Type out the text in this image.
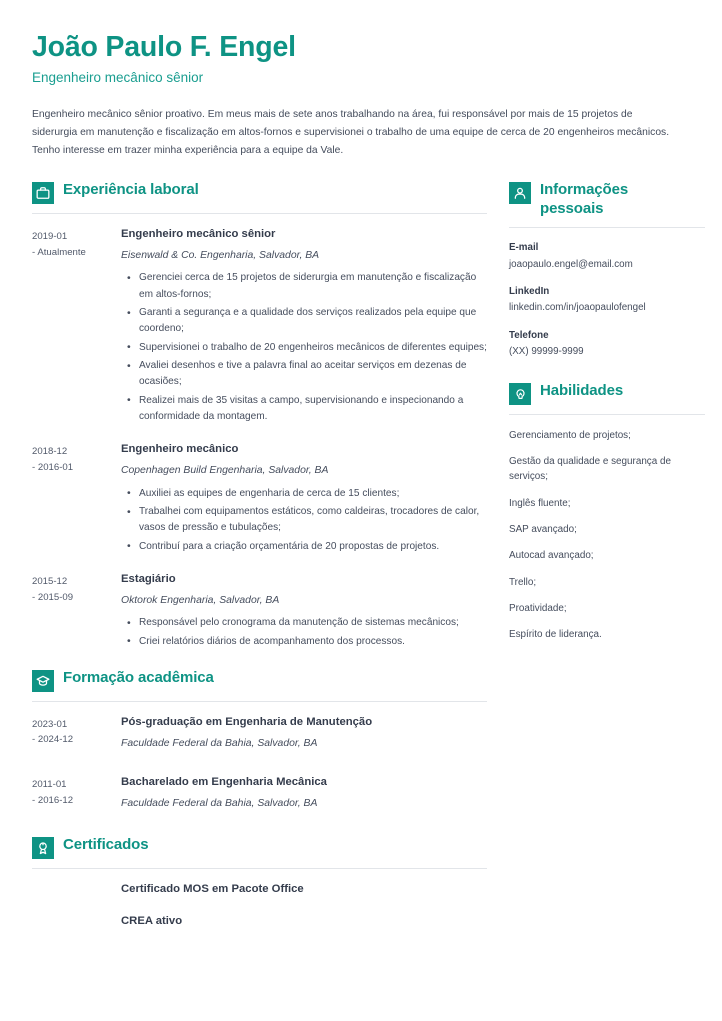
João Paulo F. Engel

Engenheiro mecânico sênior

Engenheiro mecânico sênior proativo. Em meus mais de sete anos trabalhando na área, fui responsável por mais de 15 projetos de siderurgia em manutenção e fiscalização em altos-fornos e supervisionei o trabalho de uma equipe de cerca de 20 engenheiros mecânicos. Tenho interesse em trazer minha experiência para a equipe da Vale.

Experiência laboral
2019-01
- Atualmente
Engenheiro mecânico sênior
Eisenwald & Co. Engenharia, Salvador, BA
• Gerenciei cerca de 15 projetos de siderurgia em manutenção e fiscalização em altos-fornos;
• Garanti a segurança e a qualidade dos serviços realizados pela equipe que coordeno;
• Supervisionei o trabalho de 20 engenheiros mecânicos de diferentes equipes;
• Avaliei desenhos e tive a palavra final ao aceitar serviços em dezenas de ocasiões;
• Realizei mais de 35 visitas a campo, supervisionando e inspecionando a conformidade da montagem.
2018-12
- 2016-01
Engenheiro mecânico
Copenhagen Build Engenharia, Salvador, BA
• Auxiliei as equipes de engenharia de cerca de 15 clientes;
• Trabalhei com equipamentos estáticos, como caldeiras, trocadores de calor, vasos de pressão e tubulações;
• Contribuí para a criação orçamentária de 20 propostas de projetos.
2015-12
- 2015-09
Estagiário
Oktorok Engenharia, Salvador, BA
• Responsável pelo cronograma da manutenção de sistemas mecânicos;
• Criei relatórios diários de acompanhamento dos processos.
Formação acadêmica
2023-01
- 2024-12
Pós-graduação em Engenharia de Manutenção
Faculdade Federal da Bahia, Salvador, BA
2011-01
- 2016-12
Bacharelado em Engenharia Mecânica
Faculdade Federal da Bahia, Salvador, BA
Certificados
Certificado MOS em Pacote Office
CREA ativo
Informações
pessoais
E-mail
joaopaulo.engel@email.com
LinkedIn
linkedin.com/in/joaopaulofengel
Telefone
(XX) 99999-9999
Habilidades
Gerenciamento de projetos;
Gestão da qualidade e segurança de serviços;
Inglês fluente;
SAP avançado;
Autocad avançado;
Trello;
Proatividade;
Espírito de liderança.
